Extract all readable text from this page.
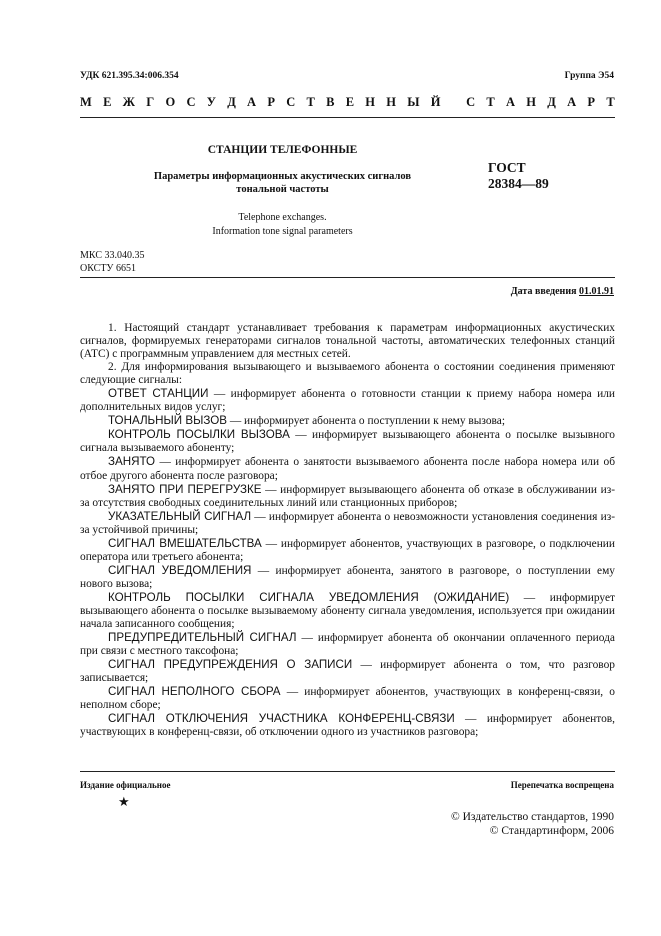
УДК 621.395.34:006.354	Группа Э54
М Е Ж Г О С У Д А Р С Т В Е Н Н Ы Й
С Т А Н Д А Р Т
СТАНЦИИ ТЕЛЕФОННЫЕ
Параметры информационных акустических сигналов
тональной частоты
ГОСТ
28384—89
Telephone exchanges.
Information tone signal parameters
МКС 33.040.35
ОКСТУ 6651
Дата введения 01.01.91

1. Настоящий стандарт устанавливает требования к параметрам информационных акустических сигналов, формируемых генераторами сигналов тональной частоты, автоматических телефонных станций (АТС) с программным управлением для местных сетей.

2. Для информирования вызывающего и вызываемого абонента о состоянии соединения применяют следующие сигналы:

ОТВЕТ СТАНЦИИ — информирует абонента о готовности станции к приему набора номера или дополнительных видов услуг;

ТОНАЛЬНЫЙ ВЫЗОВ — информирует абонента о поступлении к нему вызова;

КОНТРОЛЬ ПОСЫЛКИ ВЫЗОВА — информирует вызывающего абонента о посылке вызывного сигнала вызываемого абоненту;

ЗАНЯТО — информирует абонента о занятости вызываемого абонента после набора номера или об отбое другого абонента после разговора;

ЗАНЯТО ПРИ ПЕРЕГРУЗКЕ — информирует вызывающего абонента об отказе в обслуживании из-за отсутствия свободных соединительных линий или станционных приборов;

УКАЗАТЕЛЬНЫЙ СИГНАЛ — информирует абонента о невозможности установления соединения из-за устойчивой причины;

СИГНАЛ ВМЕШАТЕЛЬСТВА — информирует абонентов, участвующих в разговоре, о подключении оператора или третьего абонента;

СИГНАЛ УВЕДОМЛЕНИЯ — информирует абонента, занятого в разговоре, о поступлении ему нового вызова;

КОНТРОЛЬ ПОСЫЛКИ СИГНАЛА УВЕДОМЛЕНИЯ (ОЖИДАНИЕ) — информирует вызывающего абонента о посылке вызываемому абоненту сигнала уведомления, используется при ожидании начала записанного сообщения;

ПРЕДУПРЕДИТЕЛЬНЫЙ СИГНАЛ — информирует абонента об окончании оплаченного периода при связи с местного таксофона;

СИГНАЛ ПРЕДУПРЕЖДЕНИЯ О ЗАПИСИ — информирует абонента о том, что разговор записывается;

СИГНАЛ НЕПОЛНОГО СБОРА — информирует абонентов, участвующих в конференц-связи, о неполном сборе;

СИГНАЛ ОТКЛЮЧЕНИЯ УЧАСТНИКА КОНФЕРЕНЦ-СВЯЗИ — информирует абонентов, участвующих в конференц-связи, об отключении одного из участников разговора;

Издание официальное	Перепечатка воспрещена
★
© Издательство стандартов, 1990
© Стандартинформ, 2006
